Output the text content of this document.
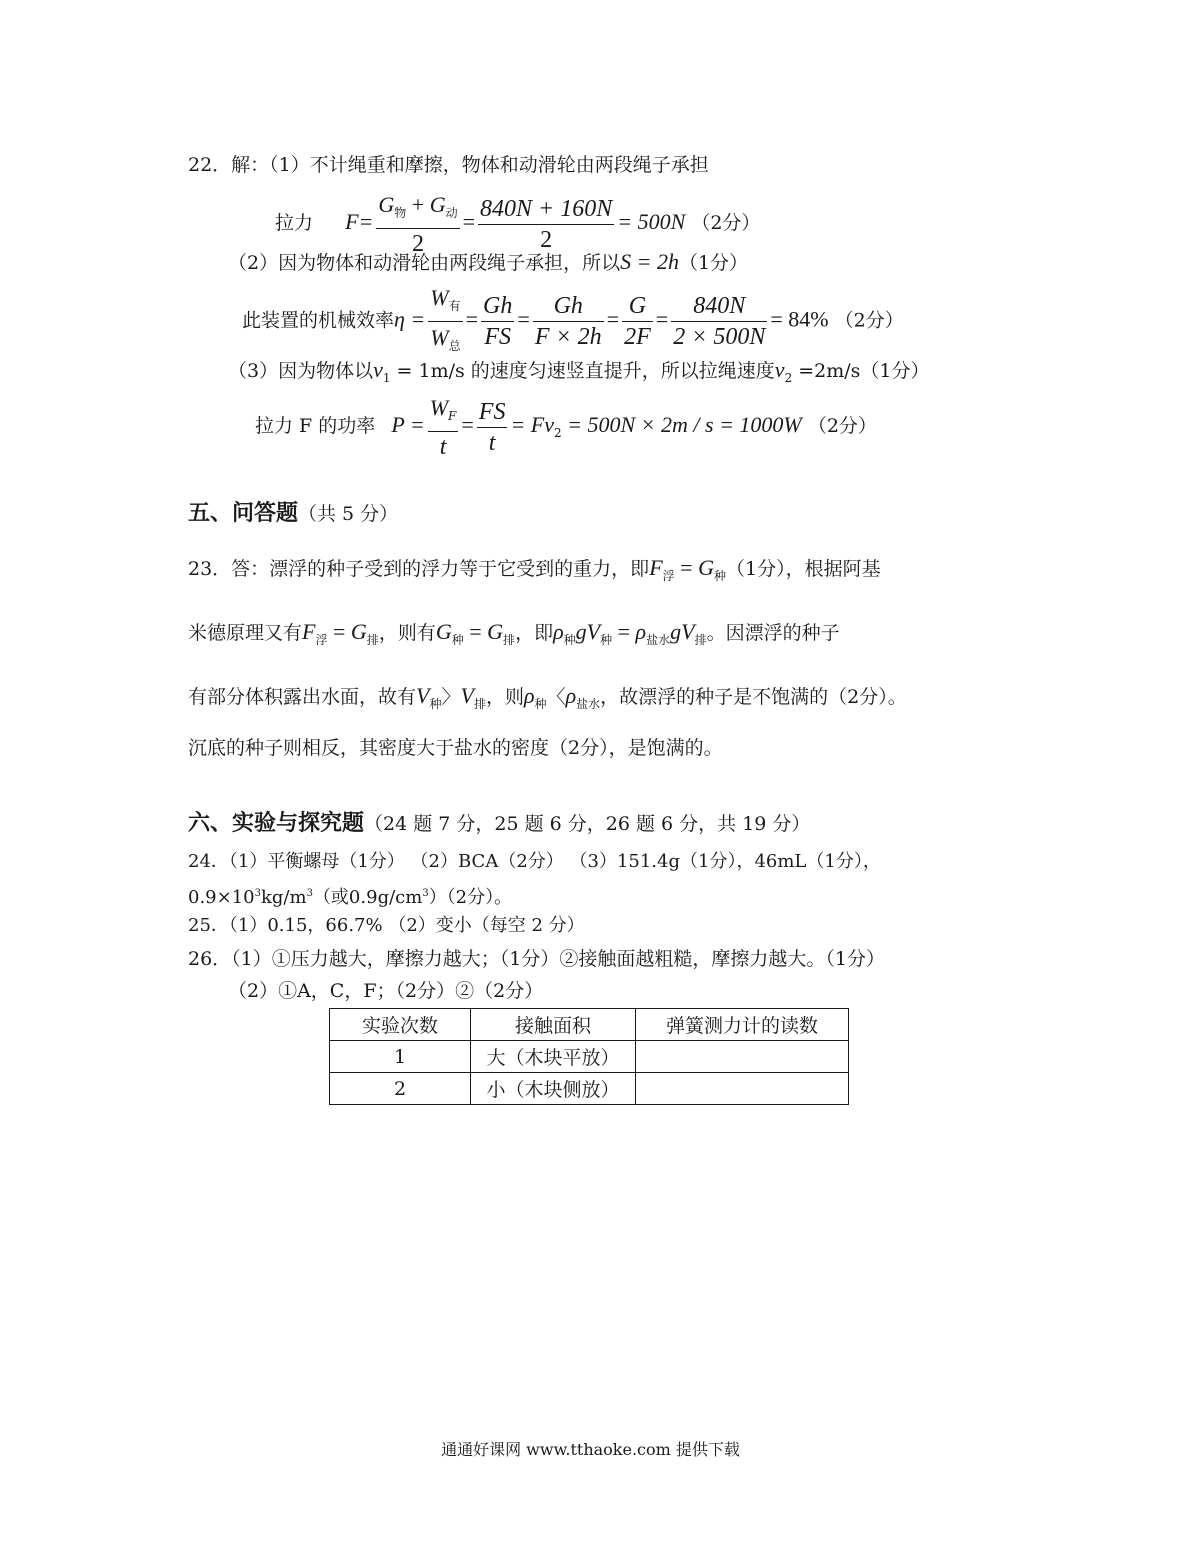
22．解：（1）不计绳重和摩擦，物体和动滑轮由两段绳子承担
拉力 $F= \frac{G_物 + G_动}{2} = \frac{840N + 160N}{2} = 500N$ （2分）
（2）因为物体和动滑轮由两段绳子承担，所以S = 2h（1分）
此装置的机械效率$\eta = \frac{W_有}{W_总} = \frac{Gh}{FS} = \frac{Gh}{F \times 2h} = \frac{G}{2F} = \frac{840N}{2 \times 500N} = 84\%$ （2分）
（3）因为物体以$v_1 = 1m/s$ 的速度匀速竖直提升，所以拉绳速度$v_2 =2m/s(1$分）
拉力 F 的功率 $P = \frac{W_F}{t} = \frac{FS}{t} = Fv_2 = 500N \times 2m / s = 1000W$ （2分）
五、问答题（共 5 分）
23．答：漂浮的种子受到的浮力等于它受到的重力，即$F_浮 = G_种(1$分），根据阿基
米德原理又有$F_浮 = G_排$，则有$G_种 = G_排$，即$\rho_种gV_种 = \rho_{盐水}gV_排$。因漂浮的种子
有部分体积露出水面，故有$V_种$〉$V_排$，则$\rho_种$〈$\rho_{盐水}$，故漂浮的种子是不饱满的（2分）。
沉底的种子则相反，其密度大于盐水的密度（2分），是饱满的。
六、实验与探究题（24 题 7 分，25 题 6 分，26 题 6 分，共 19 分）
24．（1）平衡螺母（1分） （2）BCA（2分） （3）151.4g（1分），46mL（1分），
$0.9\times 10^3kg/m^3$（或$0.9g/cm^3)(2$分）。
25．（1）0.15，66.7% （2）变小（每空 2 分）
26．（1）①压力越大，摩擦力越大；（1分）②接触面越粗糙，摩擦力越大。（1分）
（2）①A，C，F；（2分）②（2分）
实验次数	接触面积	弹簧测力计的读数
1	大（木块平放）	
2	小（木块侧放）	
通通好课网 www.tthaoke.com 提供下载
